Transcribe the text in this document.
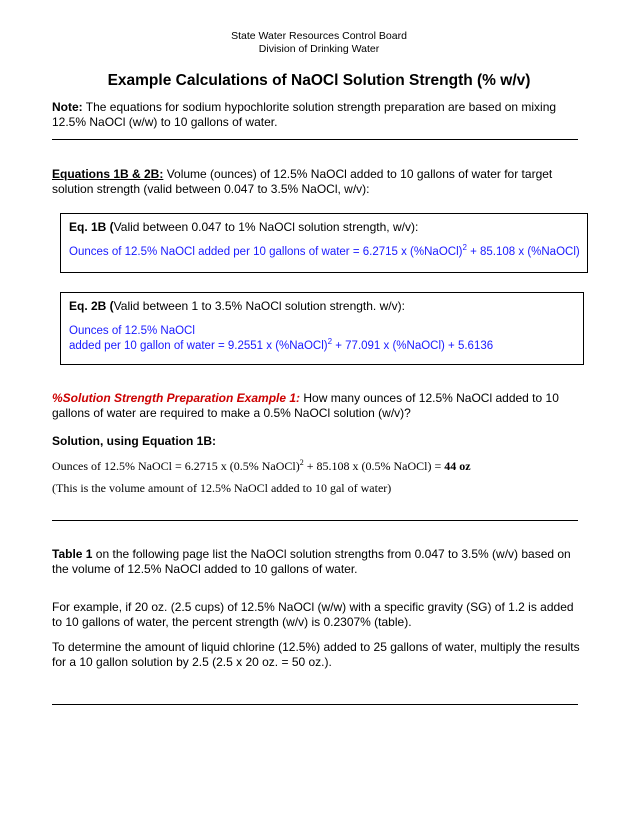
State Water Resources Control Board
Division of Drinking Water
Example Calculations of NaOCl Solution Strength (% w/v)
Note: The equations for sodium hypochlorite solution strength preparation are based on mixing 12.5% NaOCl (w/w) to 10 gallons of water.
Equations 1B & 2B: Volume (ounces) of 12.5% NaOCl added to 10 gallons of water for target solution strength (valid between 0.047 to 3.5% NaOCl, w/v):
Eq. 1B (Valid between 0.047 to 1% NaOCl solution strength, w/v):
Ounces of 12.5% NaOCl added per 10 gallons of water = 6.2715 x (%NaOCl)$^2$ + 85.108 x (%NaOCl)
Eq. 2B (Valid between 1 to 3.5% NaOCl solution strength. w/v):
Ounces of 12.5% NaOCl
added per 10 gallon of water = 9.2551 x (%NaOCl)$^2$ + 77.091 x (%NaOCl) + 5.6136
%Solution Strength Preparation Example 1: How many ounces of 12.5% NaOCl added to 10 gallons of water are required to make a 0.5% NaOCl solution (w/v)?
Solution, using Equation 1B:
Ounces of 12.5% NaOCl = 6.2715 x (0.5% NaOCl)$^2$ + 85.108 x (0.5% NaOCl) = 44 oz
(This is the volume amount of 12.5% NaOCl added to 10 gal of water)
Table 1 on the following page list the NaOCl solution strengths from 0.047 to 3.5% (w/v) based on the volume of 12.5% NaOCl added to 10 gallons of water.
For example, if 20 oz. (2.5 cups) of 12.5% NaOCl (w/w) with a specific gravity (SG) of 1.2 is added to 10 gallons of water, the percent strength (w/v) is 0.2307% (table).
To determine the amount of liquid chlorine (12.5%) added to 25 gallons of water, multiply the results for a 10 gallon solution by 2.5 (2.5 x 20 oz. = 50 oz.).
